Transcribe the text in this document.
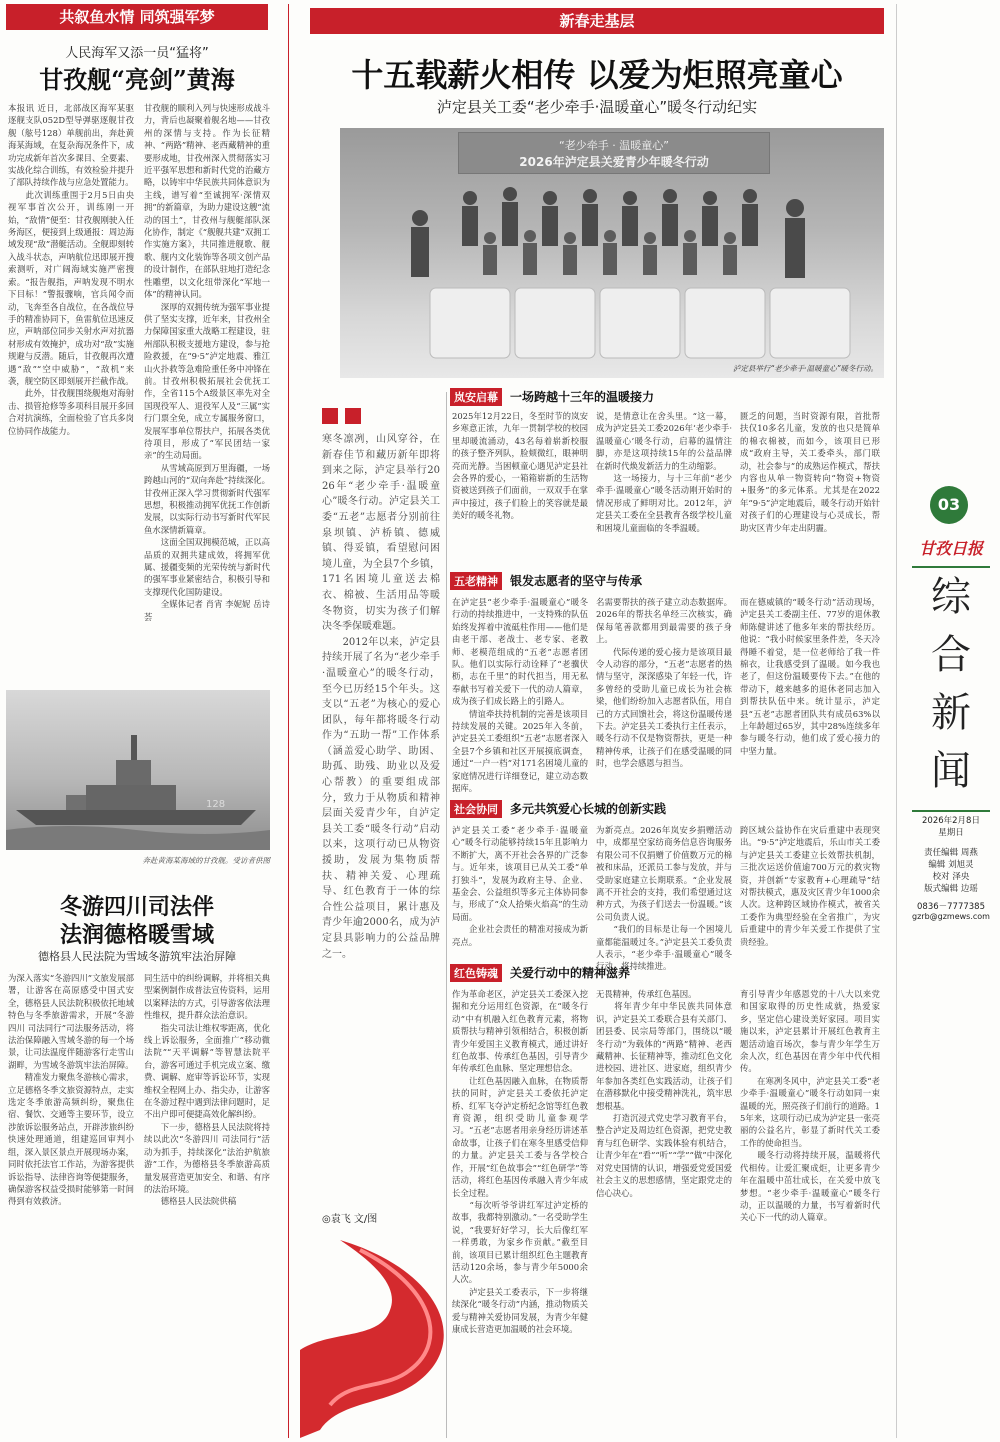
共叙鱼水情 同筑强军梦
人民海军又添一员“猛将”
甘孜舰“亮剑”黄海
本报讯 近日，北部战区海军某驱逐舰支队052D型导弹驱逐舰甘孜舰（舷号128）单舰前出，奔赴黄海某海域，在复杂海况条件下，成功完成新年首次多课目、全要素、实战化综合训练，有效检验并提升了部队持续作战与应急处置能力。
　　此次训练重围于2月5日由央视军事首次公开，训练刚一开始，“敌情”便至：甘孜舰刚驶入任务海区，便接到上级通报：周边海域发现“敌”潜艇活动。全舰即刻转入战斗状态，声呐航位迅即展开搜索测听，对广阔海域实施严密搜索。“报告舰指，声呐发现不明水下目标！”警报骤响，官兵闻令而动，飞奔至各自战位，在各战位导手的精准协同下，鱼雷航位迅速反应，声呐部位同步关射水声对抗器材形成有效掩护，成功对“敌”实施规避与反潜。随后，甘孜舰再次遭遇“敌”“空中威胁”，“敌机”来袭，舰空防区即刻展开拦截作战。
　　此外，甘孜舰围绕舰炮对海射击、损管抢修等多项科目展开多回合对抗演练，全面检验了官兵多岗位协同作战能力。
甘孜舰的顺利入列与快速形成战斗力，背后也凝聚着舰名地——甘孜州的深情与支持。作为长征精神、“两路”精神、老西藏精神的重要形成地，甘孜州深入贯彻落实习近平强军思想和新时代党的治藏方略，以铸牢中华民族共同体意识为主线，谱写着“至诚拥军·深情双拥”的新篇章，为助力建设这艘“流动的国土”，甘孜州与舰艇部队深化协作，制定《“舰舰共建”双拥工作实施方案》，共同推进舰歌、舰歌、舰内文化装饰等各项文创产品的设计制作，在部队驻地打造纪念性雕塑，以文化纽带深化“军地一体”的精神认同。
　　深厚的双拥传统为强军事业提供了坚实支撑，近年来，甘孜州全力保障国家重大战略工程建设，驻州部队积极支援地方建设，参与抢险救援，在“9·5”泸定地震、雅江山火扑救等急难险重任务中冲锋在前。甘孜州积极拓展社会优抚工作，全省115个A级景区率先对全国现役军人、退役军人及“三属”实行门票全免，成立专属服务窗口，发展军事单位帮扶户，拓展各类优待项目，形成了“军民团结一家亲”的生动局面。
　　从雪域高原到万里海疆，一场跨越山河的“双向奔赴”持续深化。甘孜州正深入学习贯彻新时代强军思想，积极推动拥军优抚工作创新发展，以实际行动书写新时代军民鱼水深情新篇章。
　　这面全国双拥模范城，正以高品质的双拥共建成效，将拥军优属、援疆变频的光荣传统与新时代的强军事业紧密结合，积极引导和支撑现代化国防建设。
　　全媒体记者 肖宵 李妮妮 岳诗荟
128
奔赴黄海某海域的甘孜舰。受访者供图
冬游四川司法伴
法润德格暖雪域
德格县人民法院为雪域冬游筑牢法治屏障
为深入落实“冬游四川”文旅发展部署，让游客在高原感受中国式安全，德格县人民法院积极依托地域特色与冬季旅游需求，开展“冬游四川 司法同行”司法服务活动，将法治保障融入雪域冬游的每一个场景，让司法温度伴随游客行走雪山湖畔，为雪域冬游筑牢法治屏障。
　　精准发力聚焦冬游核心需求，立足德格冬季文旅资源特点，走实选定冬季旅游高频纠纷，聚焦住宿、餐饮、交通等主要环节，设立涉旅诉讼服务站点，开辟涉旅纠纷快速处理通道，组建巡回审判小组，深入景区景点开展现场办案，同时依托法官工作站，为游客提供诉讼指导、法律咨询等便捷服务，确保游客权益受损时能够第一时间得到有效救济。
同生活中的纠纷调解，并将相关典型案例制作成普法宣传资料，运用以案释法的方式，引导游客依法理性维权，提升群众法治意识。
　　指尖司法让维权零距离，优化线上诉讼服务，全面推广“移动微法院”“天平调解”等智慧法院平台，游客可通过手机完成立案、缴费、调解、庭审等诉讼环节，实现维权全程网上办、指尖办，让游客在冬游过程中遇到法律问题时，足不出户即可便捷高效化解纠纷。
　　下一步，德格县人民法院将持续以此次“冬游四川 司法同行”活动为抓手，持续深化“法治护航旅游”工作，为德格县冬季旅游高质量发展营造更加安全、和谐、有序的法治环境。
　　德格县人民法院供稿
新春走基层
十五载薪火相传 以爱为炬照亮童心
泸定县关工委“老少牵手·温暖童心”暖冬行动纪实
“老少牵手 · 温暖童心”
2026年泸定县关爱青少年暖冬行动
泸定县举行“老少牵手·温暖童心”暖冬行动。

寒冬凛冽，山风穿谷，在新春佳节和藏历新年即将到来之际，泸定县举行2026年“老少牵手·温暖童心”暖冬行动。泸定县关工委“五老”志愿者分别前往泉坝镇、泸桥镇、德威镇、得妥镇，看望慰问困境儿童，为全县7个乡镇，171名困境儿童送去棉衣、棉被、生活用品等暖冬物资，切实为孩子们解决冬季保暖难题。
　　2012年以来，泸定县持续开展了名为“老少牵手·温暖童心”的暖冬行动，至今已历经15个年头。这支以“五老”为核心的爱心团队，每年都将暖冬行动作为“五助一帮”工作体系（涵盖爱心助学、助困、助孤、助残、助业以及爱心帮教）的重要组成部分，致力于从物质和精神层面关爱青少年，自泸定县关工委“暖冬行动”启动以来，这项行动已从物资援助，发展为集物质帮扶、精神关爱、心理疏导、红色教育于一体的综合性公益项目，累计惠及青少年逾2000名，成为泸定县具影响力的公益品牌之一。
◎袁飞 文/图
岚安启幕 一场跨越十三年的温暖接力
2025年12月22日，冬至时节的岚安乡寒意正浓，九年一贯制学校的校园里却暖流涌动，43名每着崭新校服的孩子整齐列队，脸颊微红，眼神明亮而光静。当困顿童心遇见泸定县社会各界的爱心，一箱箱崭新的生活物资被送到孩子们面前，一双双手在掌声中接过，孩子们脸上的笑容就是最美好的暖冬礼物。
说，是情意让在舍头里。“这一幕，成为泸定县关工委2026年‘老少牵手·温暖童心’暖冬行动，启幕的温情注脚，亦是这项持续15年的公益品牌在新时代焕发新活力的生动缩影。
　　这一场接力，与十三年前“老少牵手·温暖童心”暖冬活动刚开始时的情况形成了鲜明对比。2012年，泸定县关工委在全县教育各级学校儿童和困境儿童面临的冬季温暖。
匮乏的问题，当时资源有限，首批帮扶仅10多名儿童，发放的也只是简单的棉衣棉被，而如今，该项目已形成“政府主导，关工委牵头，部门联动，社会参与”的成熟运作模式，帮扶内容也从单一物资转向“物资+物资+服务”的多元体系。尤其是在2022年“9·5”泸定地震后，暖冬行动开始针对孩子们的心理建设与心灵成长，帮助灾区青少年走出阴霾。
五老精神 银发志愿者的坚守与传承
在泸定县“老少牵手·温暖童心”暖冬行动的持续推进中，一支特殊的队伍始终发挥着中流砥柱作用——他们是由老干部、老战士、老专家、老教师、老模范组成的“五老”志愿者团队。他们以实际行动诠释了“老骥伏枥，志在千里”的时代担当，用无私奉献书写着关爱下一代的动人篇章，成为孩子们成长路上的引路人。
　　情谊牵扶持机制的完善是该项目持续发展的关键。2025年入冬前，泸定县关工委组织“五老”志愿者深入全县7个乡镇和社区开展摸底调查，通过“一户一档”对171名困境儿童的家庭情况进行详细登记，建立动态数据库。
名需要帮扶的孩子建立动态数据库。2026年的帮扶名单经三次核实，确保每笔善款都用到最需要的孩子身上。
　　代际传递的爱心接力是该项目最令人动容的部分，“五老”志愿者的热情与坚守，深深感染了年轻一代，许多曾经的受助儿童已成长为社会栋梁，他们纷纷加入志愿者队伍，用自己的方式回馈社会，将这份温暖传递下去。泸定县关工委执行主任表示，暖冬行动不仅是物资帮扶，更是一种精神传承，让孩子们在感受温暖的同时，也学会感恩与担当。
而在德威镇的“暖冬行动”活动现场，泸定县关工委副主任、77岁的退休教师陈健讲述了他多年来的帮扶经历。他说：“我小时候家里条件差，冬天冷得睡不着觉，是一位老师给了我一件棉衣，让我感受到了温暖。如今我也老了，但这份温暖要传下去。”在他的带动下，越来越多的退休老同志加入到帮扶队伍中来。统计显示，泸定县“五老”志愿者团队共有成员63%以上年龄超过65岁，其中28%连续多年参与暖冬行动，他们成了爱心接力的中坚力量。
社会协同 多元共筑爱心长城的创新实践
泸定县关工委“老少牵手·温暖童心”暖冬行动能够持续15年且影响力不断扩大，离不开社会各界的广泛参与。近年来，该项目已从关工委“单打独斗”，发展为政府主导、企业、基金会、公益组织等多元主体协同参与，形成了“众人拾柴火焰高”的生动局面。
　　企业社会责任的精准对接成为新亮点。
为新亮点。2026年岚安乡捐赠活动中，成都星空家纺商务信息咨询服务有限公司不仅捐赠了价值数万元的棉被和床品，还派员工参与发放，并与受助家庭建立长期联系。“企业发展离不开社会的支持，我们希望通过这种方式，为孩子们送去一份温暖。”该公司负责人说。
　　“我们的目标是让每一个困境儿童都能温暖过冬。”泸定县关工委负责人表示，“老少牵手·温暖童心”暖冬行动，将持续推进。
跨区域公益协作在灾后重建中表现突出。“9·5”泸定地震后，乐山市关工委与泸定县关工委建立长效帮扶机制，三批次运送价值逾700万元的救灾物资，并创新“专家教育+心理疏导”结对帮扶模式，惠及灾区青少年1000余人次。这种跨区域协作模式，被省关工委作为典型经验在全省推广，为灾后重建中的青少年关爱工作提供了宝贵经验。
红色铸魂 关爱行动中的精神滋养
作为革命老区，泸定县关工委深入挖掘和充分运用红色资源，在“暖冬行动”中有机融入红色教育元素，将物质帮扶与精神引领相结合，积极创新青少年爱国主义教育模式，通过讲好红色故事、传承红色基因，引导青少年传承红色血脉、坚定理想信念。
　　让红色基因融入血脉，在物质帮扶的同时，泸定县关工委依托泸定桥、红军飞夺泸定桥纪念馆等红色教育资源，组织受助儿童参观学习。“五老”志愿者用亲身经历讲述革命故事，让孩子们在寒冬里感受信仰的力量。泸定县关工委与各学校合作，开展“红色故事会”“红色研学”等活动，将红色基因传承融入青少年成长全过程。
　　“每次听爷爷讲红军过泸定桥的故事，我都特别激动。”一名受助学生说，“我要好好学习，长大后像红军一样勇敢，为家乡作贡献。”截至目前，该项目已累计组织红色主题教育活动120余场，参与青少年5000余人次。
　　泸定县关工委表示，下一步将继续深化“暖冬行动”内涵，推动物质关爱与精神关爱协同发展，为青少年健康成长营造更加温暖的社会环境。
无畏精神，传承红色基因。
　　将年青少年中华民族共同体意识，泸定县关工委联合县有关部门、团县委、民宗局等部门，围绕以“暖冬行动”为载体的“两路”精神、老西藏精神、长征精神等，推动红色文化进校园、进社区、进家庭，组织青少年参加各类红色实践活动，让孩子们在潜移默化中接受精神洗礼，筑牢思想根基。
　　打造沉浸式党史学习教育平台，整合泸定及周边红色资源，把党史教育与红色研学、实践体验有机结合，让青少年在“看”“听”“学”“做”中深化对党史国情的认识，增强爱党爱国爱社会主义的思想感情，坚定跟党走的信心决心。
育引导青少年感恩党的十八大以来党和国家取得的历史性成就，热爱家乡，坚定信心建设美好家园。项目实施以来，泸定县累计开展红色教育主题活动逾百场次，参与青少年学生万余人次，红色基因在青少年中代代相传。
　　在寒冽冬风中，泸定县关工委“老少牵手·温暖童心”暖冬行动如同一束温暖的光，照亮孩子们前行的道路。15年来，这项行动已成为泸定县一张亮丽的公益名片，彰显了新时代关工委工作的使命担当。
　　暖冬行动将持续开展，温暖将代代相传。让爱汇聚成炬，让更多青少年在温暖中茁壮成长，在关爱中放飞梦想。“老少牵手·温暖童心”暖冬行动，正以温暖的力量，书写着新时代关心下一代的动人篇章。
03
甘孜日报
综
合
新
闻
2026年2月8日
星期日
责任编辑 周燕
编辑 刘旭灵
校对 泽央
版式编辑 边瑶
0836－7777385
gzrb@gzmews.com
